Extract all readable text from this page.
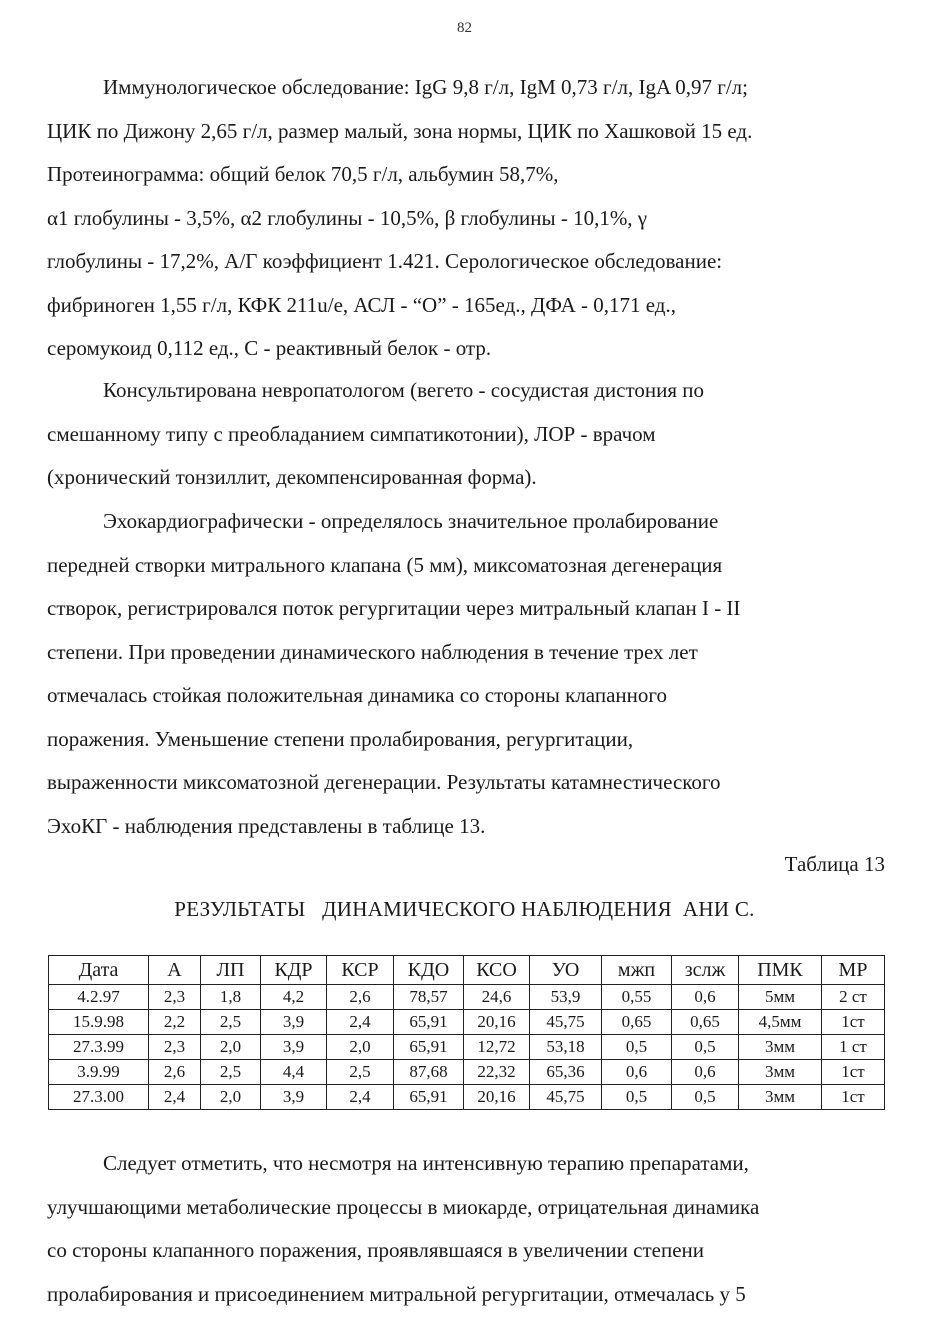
82
Иммунологическое обследование: IgG 9,8 г/л, IgM 0,73 г/л, IgA 0,97 г/л;
ЦИК по Дижону 2,65 г/л, размер малый, зона нормы, ЦИК по Хашковой 15 ед.
Протеинограмма: общий белок 70,5 г/л, альбумин 58,7%,
α1 глобулины - 3,5%, α2 глобулины - 10,5%, β глобулины - 10,1%, γ
глобулины - 17,2%, А/Г коэффициент 1.421. Серологическое обследование:
фибриноген 1,55 г/л, КФК 211u/e, АСЛ - “О” - 165ед., ДФА - 0,171 ед.,
серомукоид 0,112 ед., С - реактивный белок - отр.
Консультирована невропатологом (вегето - сосудистая дистония по
смешанному типу с преобладанием симпатикотонии), ЛОР - врачом
(хронический тонзиллит, декомпенсированная форма).
Эхокардиографически - определялось значительное пролабирование
передней створки митрального клапана (5 мм), миксоматозная дегенерация
створок, регистрировался поток регургитации через митральный клапан I - II
степени. При проведении динамического наблюдения в течение трех лет
отмечалась стойкая положительная динамика со стороны клапанного
поражения. Уменьшение степени пролабирования, регургитации,
выраженности миксоматозной дегенерации. Результаты катамнестического
ЭхоКГ - наблюдения представлены в таблице 13.
Таблица 13
РЕЗУЛЬТАТЫ   ДИНАМИЧЕСКОГО НАБЛЮДЕНИЯ  АНИ С.
Дата	А	ЛП	КДР	КСР	КДО	КСО	УО	мжп	зслж	ПМК	МР
4.2.97	2,3	1,8	4,2	2,6	78,57	24,6	53,9	0,55	0,6	5мм	2 ст
15.9.98	2,2	2,5	3,9	2,4	65,91	20,16	45,75	0,65	0,65	4,5мм	1ст
27.3.99	2,3	2,0	3,9	2,0	65,91	12,72	53,18	0,5	0,5	3мм	1 ст
3.9.99	2,6	2,5	4,4	2,5	87,68	22,32	65,36	0,6	0,6	3мм	1ст
27.3.00	2,4	2,0	3,9	2,4	65,91	20,16	45,75	0,5	0,5	3мм	1ст
Следует отметить, что несмотря на интенсивную терапию препаратами,
улучшающими метаболические процессы в миокарде, отрицательная динамика
со стороны клапанного поражения, проявлявшаяся в увеличении степени
пролабирования и присоединением митральной регургитации, отмечалась у 5
